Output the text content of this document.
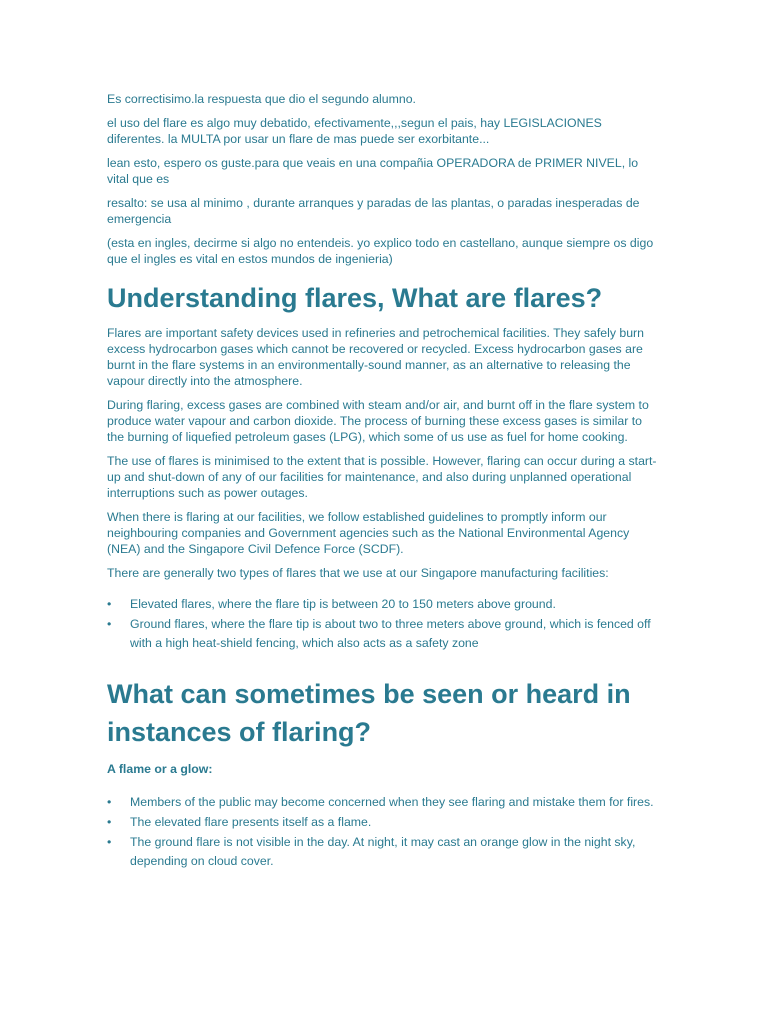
Es correctisimo.la respuesta que dio el segundo alumno.

el uso del flare es algo muy debatido, efectivamente,,,segun el pais, hay LEGISLACIONES diferentes. la MULTA por usar un flare de mas puede ser exorbitante...

lean esto, espero os guste.para que veais en una compañia OPERADORA de PRIMER NIVEL, lo vital que es

resalto: se usa al minimo , durante arranques y paradas de las plantas, o paradas inesperadas de emergencia

(esta en ingles, decirme si algo no entendeis. yo explico todo en castellano, aunque siempre os digo que el ingles es vital en estos mundos de ingenieria)

Understanding flares, What are flares?

Flares are important safety devices used in refineries and petrochemical facilities. They safely burn excess hydrocarbon gases which cannot be recovered or recycled. Excess hydrocarbon gases are burnt in the flare systems in an environmentally-sound manner, as an alternative to releasing the vapour directly into the atmosphere.

During flaring, excess gases are combined with steam and/or air, and burnt off in the flare system to produce water vapour and carbon dioxide. The process of burning these excess gases is similar to the burning of liquefied petroleum gases (LPG), which some of us use as fuel for home cooking.

The use of flares is minimised to the extent that is possible. However, flaring can occur during a start-up and shut-down of any of our facilities for maintenance, and also during unplanned operational interruptions such as power outages.

When there is flaring at our facilities, we follow established guidelines to promptly inform our neighbouring companies and Government agencies such as the National Environmental Agency (NEA) and the Singapore Civil Defence Force (SCDF).

There are generally two types of flares that we use at our Singapore manufacturing facilities:

•	Elevated flares, where the flare tip is between 20 to 150 meters above ground.
•	Ground flares, where the flare tip is about two to three meters above ground, which is fenced off with a high heat-shield fencing, which also acts as a safety zone
What can sometimes be seen or heard in instances of flaring?
A flame or a glow:
•	Members of the public may become concerned when they see flaring and mistake them for fires.
•	The elevated flare presents itself as a flame.
•	The ground flare is not visible in the day. At night, it may cast an orange glow in the night sky, depending on cloud cover.
